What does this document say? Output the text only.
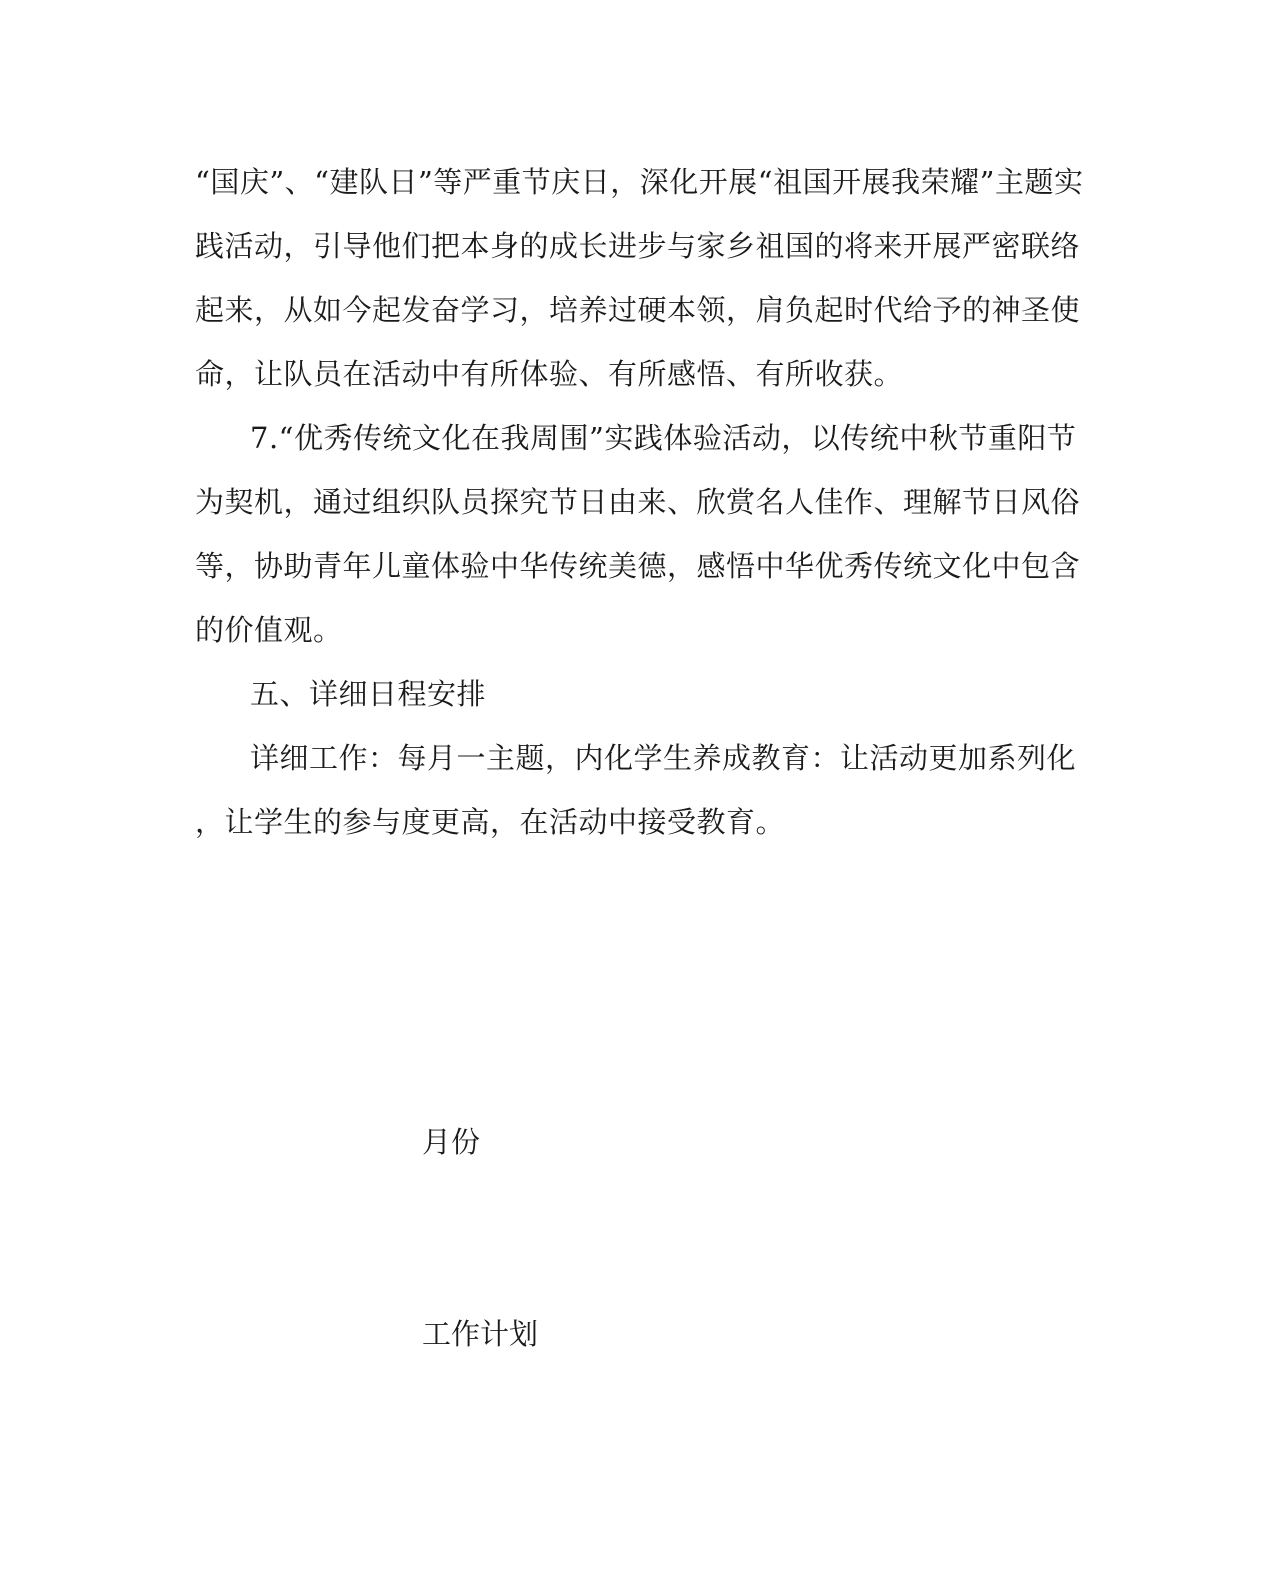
“国庆”、“建队日”等严重节庆日，深化开展“祖国开展我荣耀”主题实
践活动，引导他们把本身的成长进步与家乡祖国的将来开展严密联络
起来，从如今起发奋学习，培养过硬本领，肩负起时代给予的神圣使
命，让队员在活动中有所体验、有所感悟、有所收获。
7.“优秀传统文化在我周围”实践体验活动，以传统中秋节重阳节
为契机，通过组织队员探究节日由来、欣赏名人佳作、理解节日风俗
等，协助青年儿童体验中华传统美德，感悟中华优秀传统文化中包含
的价值观。
五、详细日程安排
详细工作：每月一主题，内化学生养成教育：让活动更加系列化
，让学生的参与度更高，在活动中接受教育。
月份
工作计划
